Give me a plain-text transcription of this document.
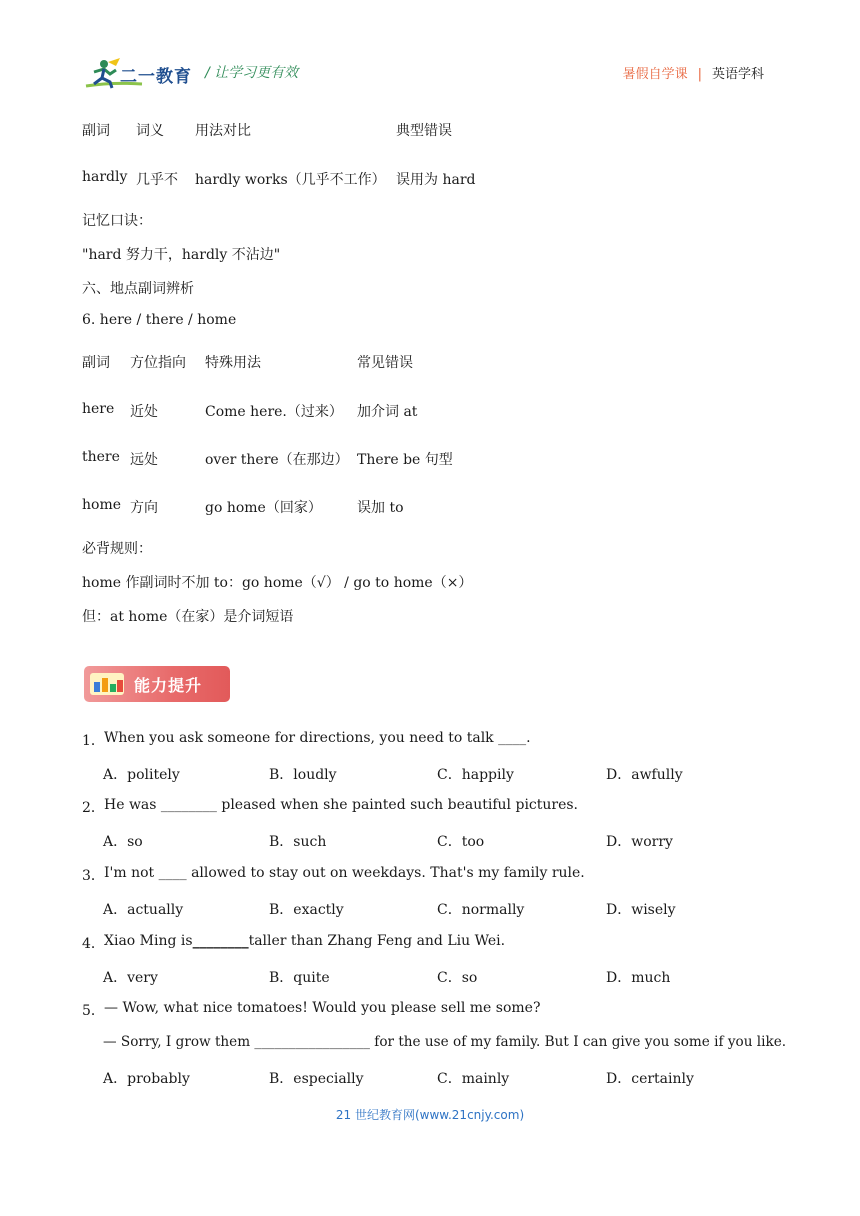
二一教育 / 让学习更有效	暑假自学课 | 英语学科
副词 词义 用法对比	典型错误
hardly 几乎不 hardly works（几乎不工作） 误用为 hard
记忆口诀：
"hard 努力干，hardly 不沾边"
六、地点副词辨析
6. here / there / home
副词 方位指向 特殊用法	常见错误
here 近处	Come here.（过来） 加介词 at
there 远处	over there（在那边） There be 句型
home 方向	go home（回家）	误加 to
必背规则：
home 作副词时不加 to：go home（√） / go to home（×）
但：at home（在家）是介词短语
能力提升
1． When you ask someone for directions, you need to talk ____.
A．politely	B．loudly	C．happily	D．awfully
2． He was ________ pleased when she painted such beautiful pictures.
A．so	B．such	C．too	D．worry
3． I'm not ____ allowed to stay out on weekdays. That's my family rule.
A．actually	B．exactly	C．normally	D．wisely
4． Xiao Ming is________taller than Zhang Feng and Liu Wei.
A．very	B．quite	C．so	D．much
5． — Wow, what nice tomatoes! Would you please sell me some?
— Sorry, I grow them _________________ for the use of my family. But I can give you some if you like.
A．probably	B．especially	C．mainly	D．certainly
21 世纪教育网(www.21cnjy.com)
